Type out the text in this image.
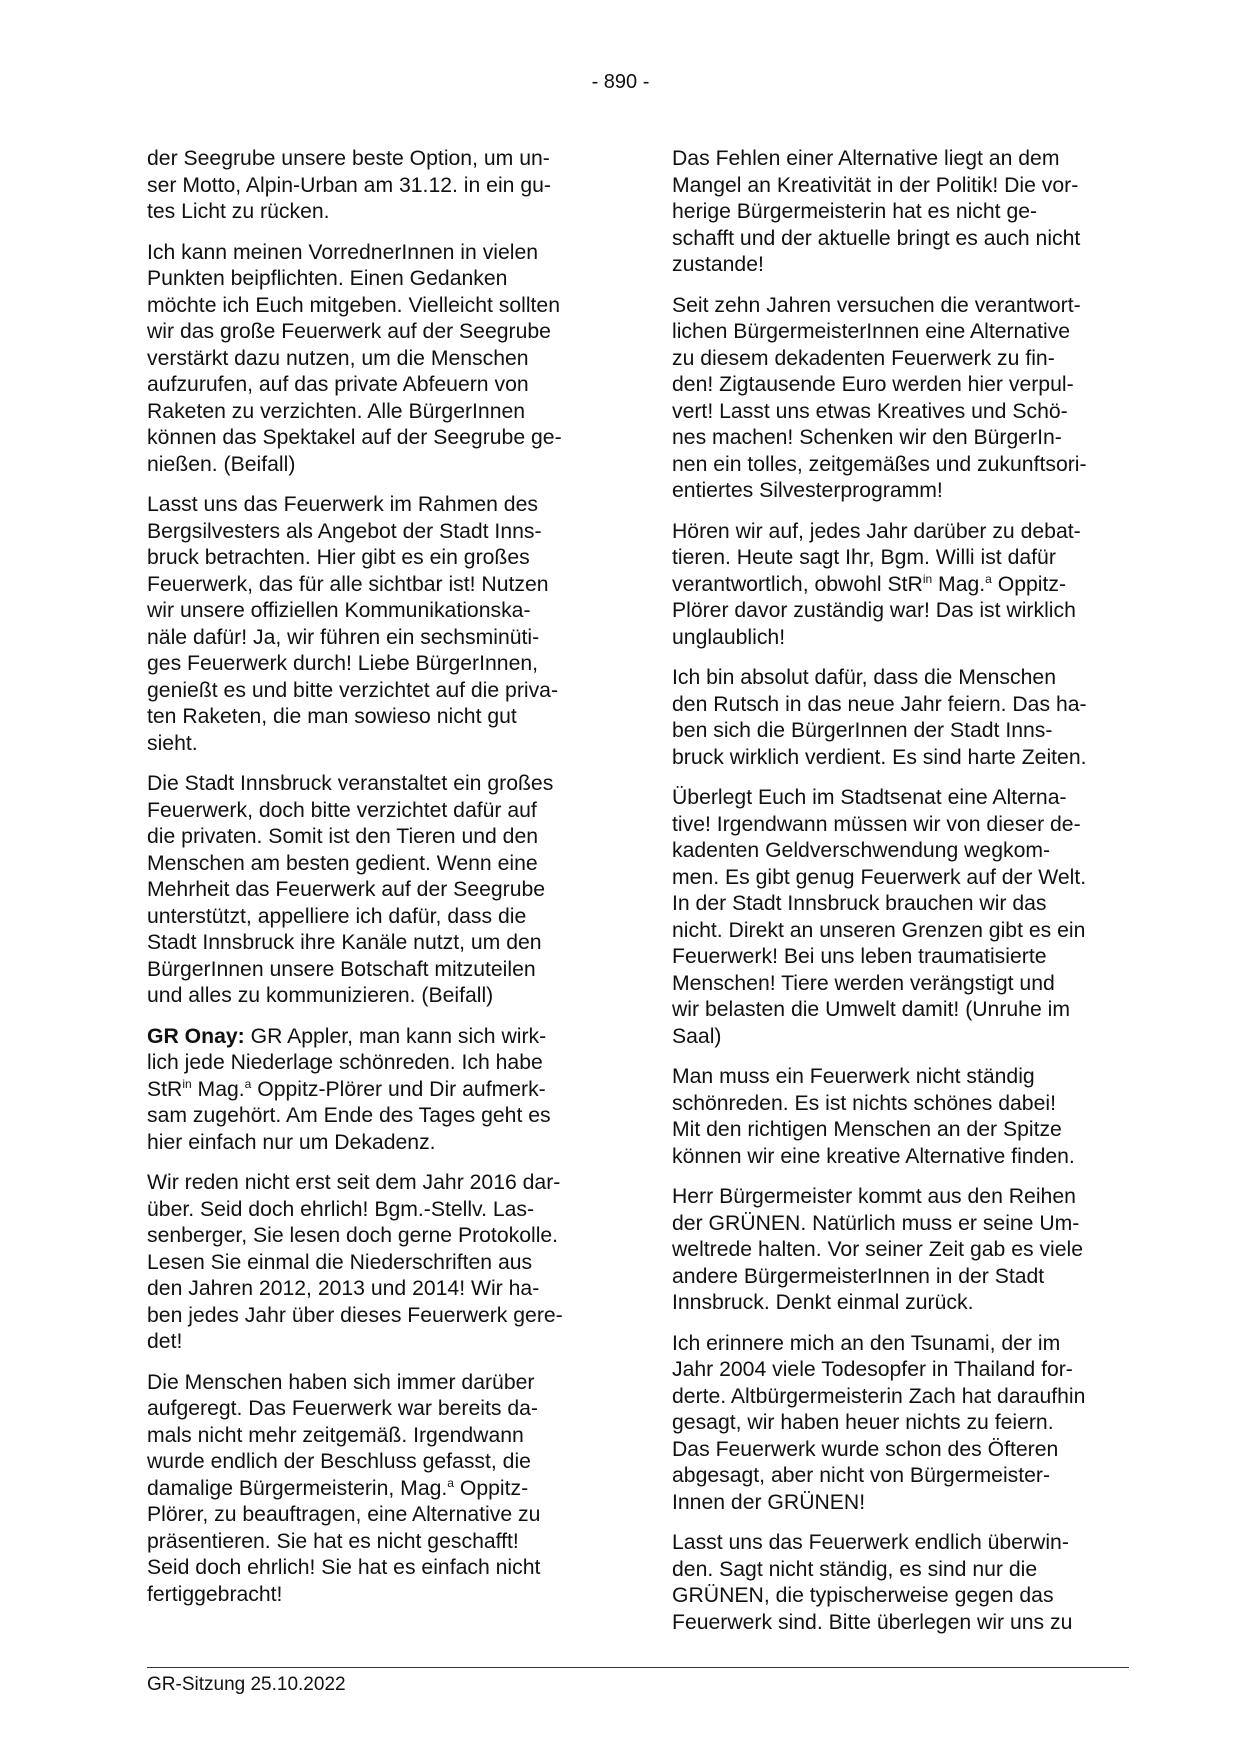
- 890 -

der Seegrube unsere beste Option, um un-
ser Motto, Alpin-Urban am 31.12. in ein gu-
tes Licht zu rücken.

Ich kann meinen VorrednerInnen in vielen
Punkten beipflichten. Einen Gedanken
möchte ich Euch mitgeben. Vielleicht sollten
wir das große Feuerwerk auf der Seegrube
verstärkt dazu nutzen, um die Menschen
aufzurufen, auf das private Abfeuern von
Raketen zu verzichten. Alle BürgerInnen
können das Spektakel auf der Seegrube ge-
nießen. (Beifall)

Lasst uns das Feuerwerk im Rahmen des
Bergsilvesters als Angebot der Stadt Inns-
bruck betrachten. Hier gibt es ein großes
Feuerwerk, das für alle sichtbar ist! Nutzen
wir unsere offiziellen Kommunikationska-
näle dafür! Ja, wir führen ein sechsminüti-
ges Feuerwerk durch! Liebe BürgerInnen,
genießt es und bitte verzichtet auf die priva-
ten Raketen, die man sowieso nicht gut
sieht.

Die Stadt Innsbruck veranstaltet ein großes
Feuerwerk, doch bitte verzichtet dafür auf
die privaten. Somit ist den Tieren und den
Menschen am besten gedient. Wenn eine
Mehrheit das Feuerwerk auf der Seegrube
unterstützt, appelliere ich dafür, dass die
Stadt Innsbruck ihre Kanäle nutzt, um den
BürgerInnen unsere Botschaft mitzuteilen
und alles zu kommunizieren. (Beifall)

GR Onay: GR Appler, man kann sich wirk-
lich jede Niederlage schönreden. Ich habe
StR$^{in}$ Mag.$^a$ Oppitz-Plörer und Dir aufmerk-
sam zugehört. Am Ende des Tages geht es
hier einfach nur um Dekadenz.

Wir reden nicht erst seit dem Jahr 2016 dar-
über. Seid doch ehrlich! Bgm.-Stellv. Las-
senberger, Sie lesen doch gerne Protokolle.
Lesen Sie einmal die Niederschriften aus
den Jahren 2012, 2013 und 2014! Wir ha-
ben jedes Jahr über dieses Feuerwerk gere-
det!

Die Menschen haben sich immer darüber
aufgeregt. Das Feuerwerk war bereits da-
mals nicht mehr zeitgemäß. Irgendwann
wurde endlich der Beschluss gefasst, die
damalige Bürgermeisterin, Mag.$^a$ Oppitz-
Plörer, zu beauftragen, eine Alternative zu
präsentieren. Sie hat es nicht geschafft!
Seid doch ehrlich! Sie hat es einfach nicht
fertiggebracht!

Das Fehlen einer Alternative liegt an dem
Mangel an Kreativität in der Politik! Die vor-
herige Bürgermeisterin hat es nicht ge-
schafft und der aktuelle bringt es auch nicht
zustande!

Seit zehn Jahren versuchen die verantwort-
lichen BürgermeisterInnen eine Alternative
zu diesem dekadenten Feuerwerk zu fin-
den! Zigtausende Euro werden hier verpul-
vert! Lasst uns etwas Kreatives und Schö-
nes machen! Schenken wir den BürgerIn-
nen ein tolles, zeitgemäßes und zukunftsori-
entiertes Silvesterprogramm!

Hören wir auf, jedes Jahr darüber zu debat-
tieren. Heute sagt Ihr, Bgm. Willi ist dafür
verantwortlich, obwohl StR$^{in}$ Mag.$^a$ Oppitz-
Plörer davor zuständig war! Das ist wirklich
unglaublich!

Ich bin absolut dafür, dass die Menschen
den Rutsch in das neue Jahr feiern. Das ha-
ben sich die BürgerInnen der Stadt Inns-
bruck wirklich verdient. Es sind harte Zeiten.

Überlegt Euch im Stadtsenat eine Alterna-
tive! Irgendwann müssen wir von dieser de-
kadenten Geldverschwendung wegkom-
men. Es gibt genug Feuerwerk auf der Welt.
In der Stadt Innsbruck brauchen wir das
nicht. Direkt an unseren Grenzen gibt es ein
Feuerwerk! Bei uns leben traumatisierte
Menschen! Tiere werden verängstigt und
wir belasten die Umwelt damit! (Unruhe im
Saal)

Man muss ein Feuerwerk nicht ständig
schönreden. Es ist nichts schönes dabei!
Mit den richtigen Menschen an der Spitze
können wir eine kreative Alternative finden.

Herr Bürgermeister kommt aus den Reihen
der GRÜNEN. Natürlich muss er seine Um-
weltrede halten. Vor seiner Zeit gab es viele
andere BürgermeisterInnen in der Stadt
Innsbruck. Denkt einmal zurück.

Ich erinnere mich an den Tsunami, der im
Jahr 2004 viele Todesopfer in Thailand for-
derte. Altbürgermeisterin Zach hat daraufhin
gesagt, wir haben heuer nichts zu feiern.
Das Feuerwerk wurde schon des Öfteren
abgesagt, aber nicht von Bürgermeister-
Innen der GRÜNEN!

Lasst uns das Feuerwerk endlich überwin-
den. Sagt nicht ständig, es sind nur die
GRÜNEN, die typischerweise gegen das
Feuerwerk sind. Bitte überlegen wir uns zu

GR-Sitzung 25.10.2022
